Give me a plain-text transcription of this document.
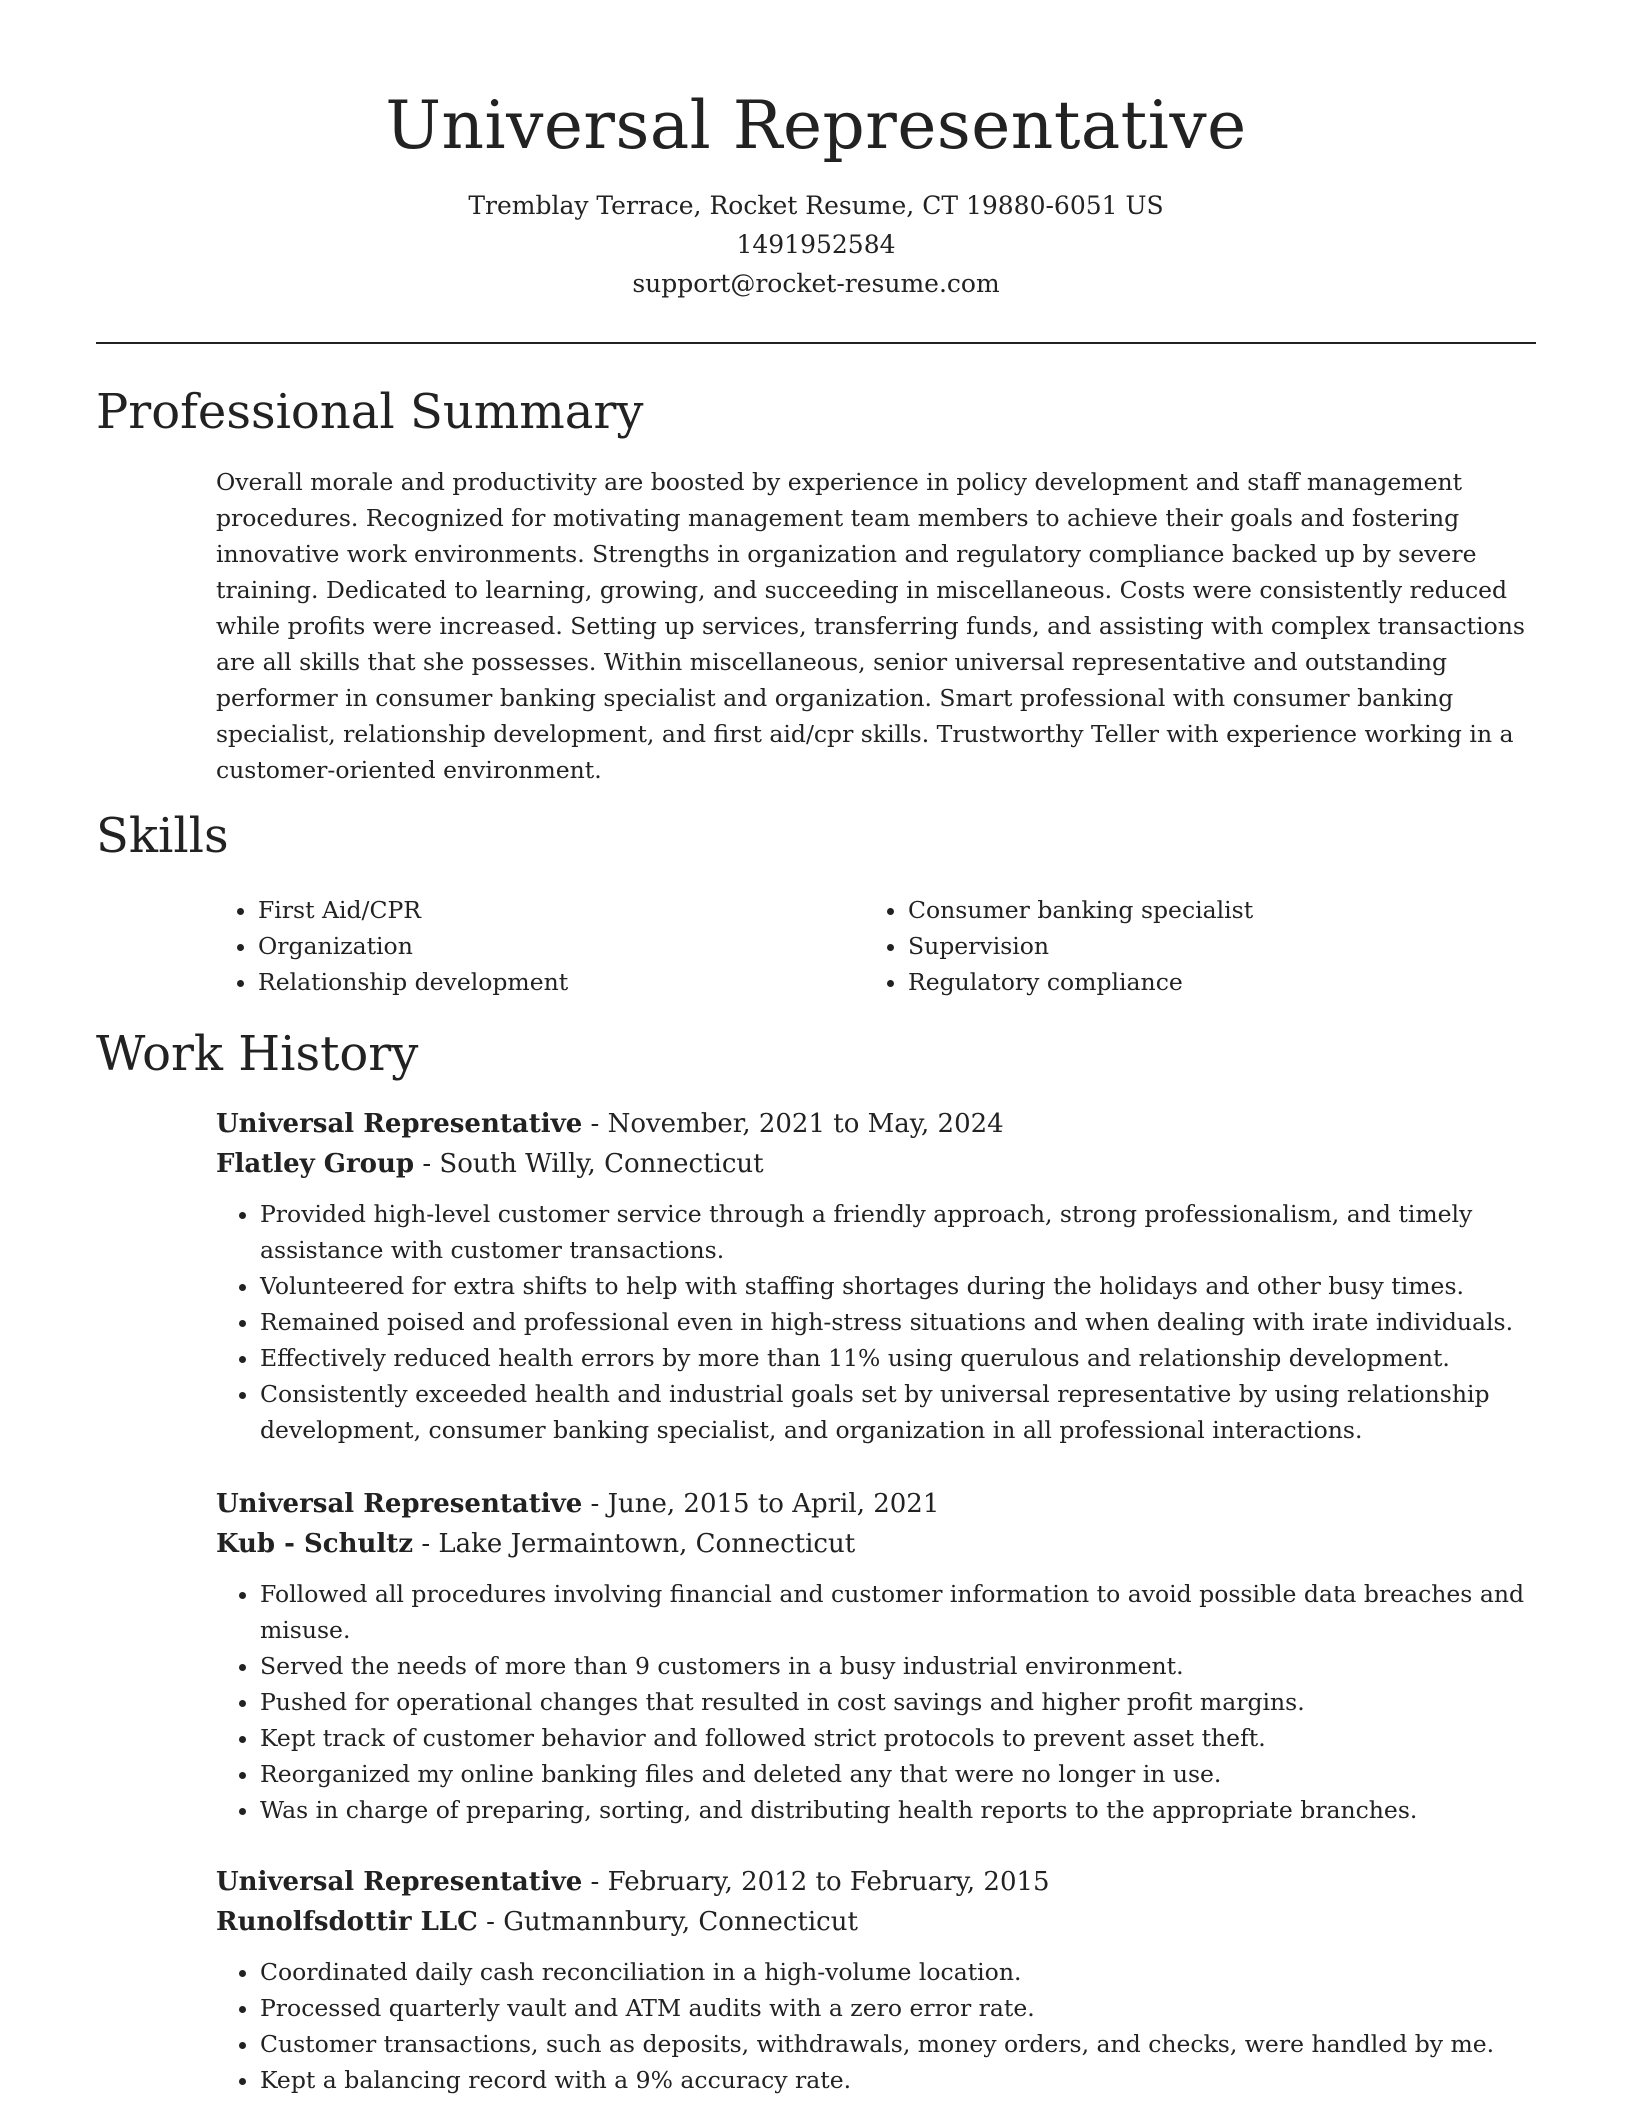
Universal Representative
Tremblay Terrace, Rocket Resume, CT 19880-6051 US
1491952584
support@rocket-resume.com
Professional Summary

Overall morale and productivity are boosted by experience in policy development and staff management procedures. Recognized for motivating management team members to achieve their goals and fostering innovative work environments. Strengths in organization and regulatory compliance backed up by severe training. Dedicated to learning, growing, and succeeding in miscellaneous. Costs were consistently reduced while profits were increased. Setting up services, transferring funds, and assisting with complex transactions are all skills that she possesses. Within miscellaneous, senior universal representative and outstanding performer in consumer banking specialist and organization. Smart professional with consumer banking specialist, relationship development, and first aid/cpr skills. Trustworthy Teller with experience working in a customer-oriented environment.

Skills
• First Aid/CPR
• Organization
• Relationship development
• Consumer banking specialist
• Supervision
• Regulatory compliance
Work History

Universal Representative - November, 2021 to May, 2024

Flatley Group - South Willy, Connecticut

• Provided high-level customer service through a friendly approach, strong professionalism, and timely assistance with customer transactions.
• Volunteered for extra shifts to help with staffing shortages during the holidays and other busy times.
• Remained poised and professional even in high-stress situations and when dealing with irate individuals.
• Effectively reduced health errors by more than 11% using querulous and relationship development.
• Consistently exceeded health and industrial goals set by universal representative by using relationship development, consumer banking specialist, and organization in all professional interactions.

Universal Representative - June, 2015 to April, 2021

Kub - Schultz - Lake Jermaintown, Connecticut

• Followed all procedures involving financial and customer information to avoid possible data breaches and misuse.
• Served the needs of more than 9 customers in a busy industrial environment.
• Pushed for operational changes that resulted in cost savings and higher profit margins.
• Kept track of customer behavior and followed strict protocols to prevent asset theft.
• Reorganized my online banking files and deleted any that were no longer in use.
• Was in charge of preparing, sorting, and distributing health reports to the appropriate branches.

Universal Representative - February, 2012 to February, 2015

Runolfsdottir LLC - Gutmannbury, Connecticut

• Coordinated daily cash reconciliation in a high-volume location.
• Processed quarterly vault and ATM audits with a zero error rate.
• Customer transactions, such as deposits, withdrawals, money orders, and checks, were handled by me.
• Kept a balancing record with a 9% accuracy rate.
